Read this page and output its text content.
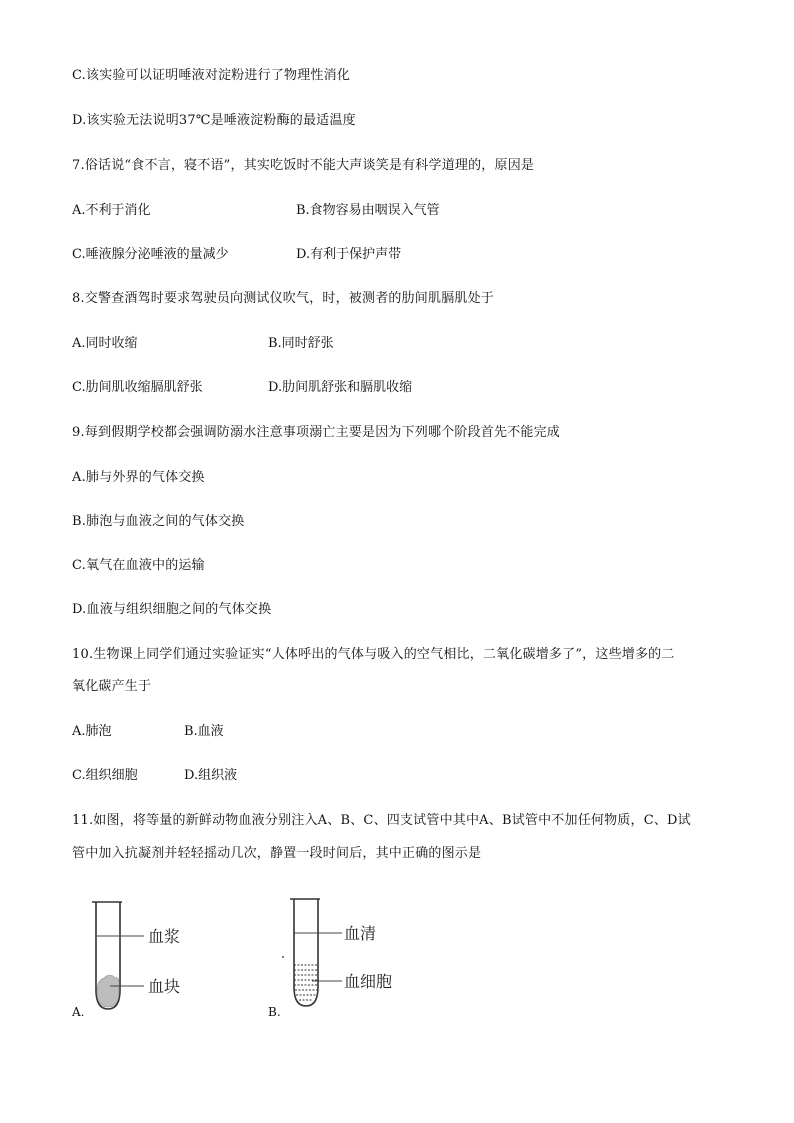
C.该实验可以证明唾液对淀粉进行了物理性消化
D.该实验无法说明37℃是唾液淀粉酶的最适温度
7.俗话说“食不言，寝不语”，其实吃饭时不能大声谈笑是有科学道理的，原因是
A.不利于消化	B.食物容易由咽误入气管
C.唾液腺分泌唾液的量减少	D.有利于保护声带
8.交警查酒驾时要求驾驶员向测试仪吹气，时，被测者的肋间肌膈肌处于
A.同时收缩	B.同时舒张
C.肋间肌收缩膈肌舒张	D.肋间肌舒张和膈肌收缩
9.每到假期学校都会强调防溺水注意事项溺亡主要是因为下列哪个阶段首先不能完成
A.肺与外界的气体交换
B.肺泡与血液之间的气体交换
C.氧气在血液中的运输
D.血液与组织细胞之间的气体交换
10.生物课上同学们通过实验证实“人体呼出的气体与吸入的空气相比，二氧化碳增多了”，这些增多的二
氧化碳产生于
A.肺泡	B.血液
C.组织细胞	D.组织液
11.如图，将等量的新鲜动物血液分别注入A、B、C、四支试管中其中A、B试管中不加任何物质，C、D试
管中加入抗凝剂并轻轻摇动几次，静置一段时间后，其中正确的图示是
血浆
血块
A.
血清
血细胞
B.
